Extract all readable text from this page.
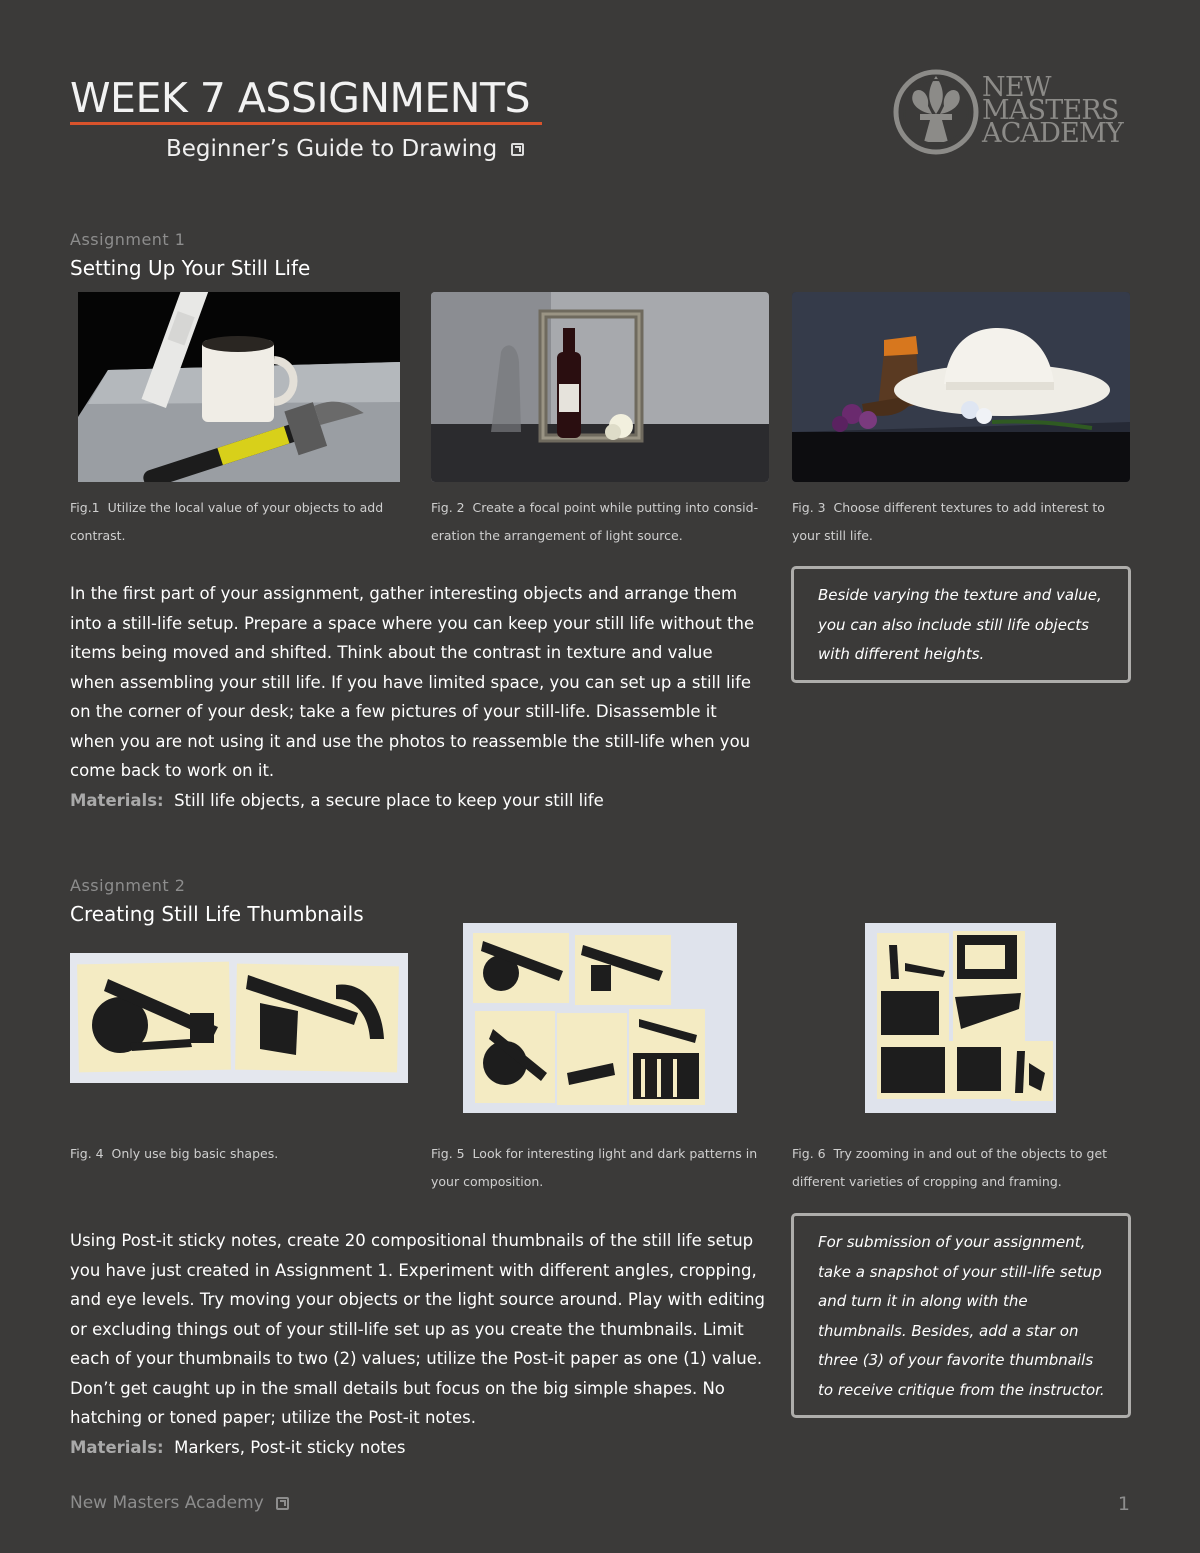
WEEK 7 ASSIGNMENTS
Beginner’s Guide to Drawing
NEW
MASTERS
ACADEMY
Assignment 1
Setting Up Your Still Life
Fig.1 Utilize the local value of your objects to add contrast.
Fig. 2 Create a focal point while putting into consid-eration the arrangement of light source.
Fig. 3 Choose different textures to add interest to your still life.
In the first part of your assignment, gather interesting objects and arrange them into a still-life setup. Prepare a space where you can keep your still life without the items being moved and shifted. Think about the contrast in texture and value when assembling your still life. If you have limited space, you can set up a still life on the corner of your desk; take a few pictures of your still-life. Disassemble it when you are not using it and use the photos to reassemble the still-life when you come back to work on it.
Materials: Still life objects, a secure place to keep your still life
Beside varying the texture and value, you can also include still life objects with different heights.
Assignment 2
Creating Still Life Thumbnails
Fig. 4 Only use big basic shapes.	Fig. 5 Look for interesting light and dark patterns in your composition.
Fig. 6 Try zooming in and out of the objects to get different varieties of cropping and framing.
Using Post-it sticky notes, create 20 compositional thumbnails of the still life setup you have just created in Assignment 1. Experiment with different angles, cropping, and eye levels. Try moving your objects or the light source around. Play with editing or excluding things out of your still-life set up as you create the thumbnails. Limit each of your thumbnails to two (2) values; utilize the Post-it paper as one (1) value. Don’t get caught up in the small details but focus on the big simple shapes. No hatching or toned paper; utilize the Post-it notes.
Materials: Markers, Post-it sticky notes
For submission of your assignment, take a snapshot of your still-life setup and turn it in along with the thumbnails. Besides, add a star on three (3) of your favorite thumbnails to receive critique from the instructor.
New Masters Academy	1
